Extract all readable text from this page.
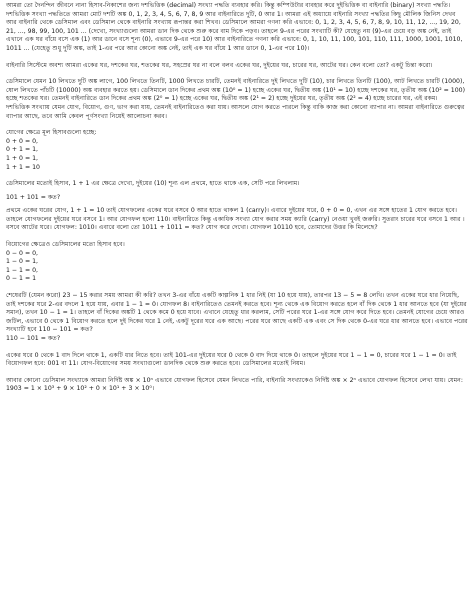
আমরা তো দৈনন্দিন জীবনে নানা হিসাব-নিকাশের জন্য দশভিত্তিক (decimal) সংখ্যা পদ্ধতি ব্যবহার করি। কিন্তু কম্পিউটার ব্যবহার করে দুইভিত্তিক বা বাইনারি (binary) সংখ্যা পদ্ধতি। দশভিত্তিক সংখ্যা পদ্ধতিতে আমরা মোট দশটি অঙ্ক 0, 1, 2, 3, 4, 5, 6, 7, 8, 9 আর বাইনারিতে দুটি, 0 আর 1। আমরা এই অধ্যায়ে বাইনারি সংখ্যা পদ্ধতির কিছু মৌলিক জিনিস দেখব আর বাইনারি থেকে ডেসিমাল এবং ডেসিমাল থেকে বাইনারি সংখ্যায় রূপান্তর করা শিখব। ডেসিমালে আমরা গণনা করি এভাবে: 0, 1, 2, 3, 4, 5, 6, 7, 8, 9, 10, 11, 12, ..., 19, 20, 21, ..., 98, 99, 100, 101 ... (দেখো, সংখ্যাগুলো আমরা ডান দিক থেকে শুরু করে বাম দিকে পড়ব। তাহলে 9-এর পরের সংখ্যাটি কী? যেহেতু নয় (9)-এর চেয়ে বড় অঙ্ক নেই, তাই এখানে এক ঘর বাঁয়ে বসে এক (1) আর ডানে বসে শূন্য (0), এভাবে 9-এর পরে 10) আর বাইনারিতে গণনা করি এভাবে: 0, 1, 10, 11, 100, 101, 110, 111, 1000, 1001, 1010, 1011 ... (যেহেতু শুধু দুটি অঙ্ক, তাই 1-এর পরে আর কোনো অঙ্ক নেই, তাই এক ঘর বাঁয়ে 1 আর ডানে 0, 1-এর পরে 10)।

বাইনারি সিস্টেমে অবশ্য আমরা একের ঘর, দশকের ঘর, শতকের ঘর, সহস্রের ঘর না বলে বলব একের ঘর, দুইয়ের ঘর, চারের ঘর, আটের ঘর। কেন বলো তো? একটু চিন্তা করো।

ডেসিমালে যেমন 10 লিখতে দুটি অঙ্ক লাগে, 100 লিখতে তিনটি, 1000 লিখতে চারটি, তেমনই বাইনারিতে দুই লিখতে দুটি (10), চার লিখতে তিনটি (100), আট লিখতে চারটি (1000), ষোল লিখতে পাঁচটি (10000) অঙ্ক ব্যবহার করতে হয়। ডেসিমালে ডান দিকের প্রথম অঙ্ক (10⁰ = 1) হচ্ছে একের ঘর, দ্বিতীয় অঙ্ক (10¹ = 10) হচ্ছে দশকের ঘর, তৃতীয় অঙ্ক (10² = 100) হচ্ছে শতকের ঘর। তেমনই বাইনারিতে ডান দিকের প্রথম অঙ্ক (2⁰ = 1) হচ্ছে একের ঘর, দ্বিতীয় অঙ্ক (2¹ = 2) হচ্ছে দুইয়ের ঘর, তৃতীয় অঙ্ক (2² = 4) হচ্ছে চারের ঘর, এই রকম।

দশভিত্তিক সংখ্যায় যেমন যোগ, বিয়োগ, গুণ, ভাগ করা যায়, তেমনই বাইনারিতেও করা যায়। আসলে যোগ করতে পারলে কিন্তু বাকি কাজ করা কোনো ব্যাপার না। আমরা বাইনারিতে গুরুত্বের ব্যাপার আছে, তবে আমি কেবল পূর্ণসংখ্যা নিয়েই আলোচনা করব।

যোগের ক্ষেত্রে মূল হিসাবগুলো হচ্ছে:

0 + 0 = 0,

0 + 1 = 1,

1 + 0 = 1,

1 + 1 = 10

ডেসিমালের মতোই হিসাব, 1 + 1 এর ক্ষেত্রে দেখো, দুইয়ের (10) শূন্য এল প্রথমে, হাতে থাকে এক, সেটি পরে লিখলাম।

101 + 101 = কত?

প্রথমে একের ঘরের যোগ, 1 + 1 = 10 তাই যোগফলের একের ঘরে বসবে 0 আর হাতে থাকল 1 (carry)। এবারে দুইয়ের ঘরে, 0 + 0 = 0, এখন এর সঙ্গে হাতের 1 যোগ করতে হবে। তাহলে যোগফলের দুইয়ের ঘরে বসবে 1। আর যোগফল হলো 110। বাইনারিতে কিন্তু একাধিক সংখ্যা যোগ করার সময় ক্যারি (carry) নেওয়া খুবই জরুরি। সুতরাং চারের ঘরে বসবে 1 আর । বসবে আটের ঘরে। যোগফল: 1010। এবারে বলো তো 1011 + 1011 = কত? যোগ করে দেখো। যোগফল 10110 হবে, তোমাদের উত্তর কি মিলেছে?

বিয়োগের ক্ষেত্রেও ডেসিমালের মতো হিসাব হবে।

0 − 0 = 0,

1 − 0 = 1,

1 − 1 = 0,

0 − 1 = 1

শেষেরটি (যেমন করো) 23 − 15 করার সময় আমরা কী করি? তখন 3-এর বাঁয়ে একটি কাল্পনিক 1 ধার নিই (যা 10 হয়ে যায়), তারপর 13 − 5 = 8 লেখি। তখন একের ঘরে ধার নিয়েছি, তাই দশকের ঘরে 2-এর বদলে 1 হয়ে যায়, এবার 1 − 1 = 0। যোগফল 8। বাইনারিতেও তেমনই করতে হবে। শূন্য থেকে এক বিয়োগ করতে হলে বাঁ দিক থেকে 1 ধার আনতে হবে (যা দুইয়ের সমান), তখন 10 − 1 = 1। তাহলে বাঁ দিকের অঙ্কটি 1 থেকে কমে 0 হয়ে যাবে। এখানে যেহেতু ধার করলাম, সেটি পরের ঘরে 1-এর সঙ্গে যোগ করে দিতে হবে। তেমনই যোগের চেয়ে আরও জটিল, এভাবে 0 থেকে 1 বিয়োগ করতে হলে দুই দিকের ঘরে 1 নেই, একটু দূরের ঘরে এক আছে। পরের ঘরে আছে একটি এক এবং সে দিক থেকে 0-এর ঘরে ধার আনতে হবে। এভাবে পরের সংখ্যাটি হবে 110 − 101 = কত?

110 − 101 = কত?

একের ঘরে 0 থেকে 1 বাদ দিলে থাকে 1, একটি ধার নিতে হবে। তাই 101-এর দুইয়ের ঘরে 0 থেকে 0 বাদ দিয়ে থাকে 0। তাহলে দুইয়ের ঘরে 1 − 1 = 0, চারের ঘরে 1 − 1 = 0। তাই বিয়োগফল হবে: 001 বা 11। যোগ-বিয়োগের সময় সংখ্যাগুলো ডানদিক থেকে শুরু করতে হবে। ডেসিমালের মতোই নিয়ম।

আবার কোনো ডেসিমাল সংখ্যাকে আমরা নির্দিষ্ট অঙ্ক × 10ⁿ এভাবে যোগফল হিসেবে যেমন লিখতে পারি, বাইনারি সংখ্যাকেও নির্দিষ্ট অঙ্ক × 2ⁿ এভাবে যোগফল হিসেবে লেখা যায়। যেমন: 1903 = 1 × 10³ + 9 × 10² + 0 × 10¹ + 3 × 10⁰।
